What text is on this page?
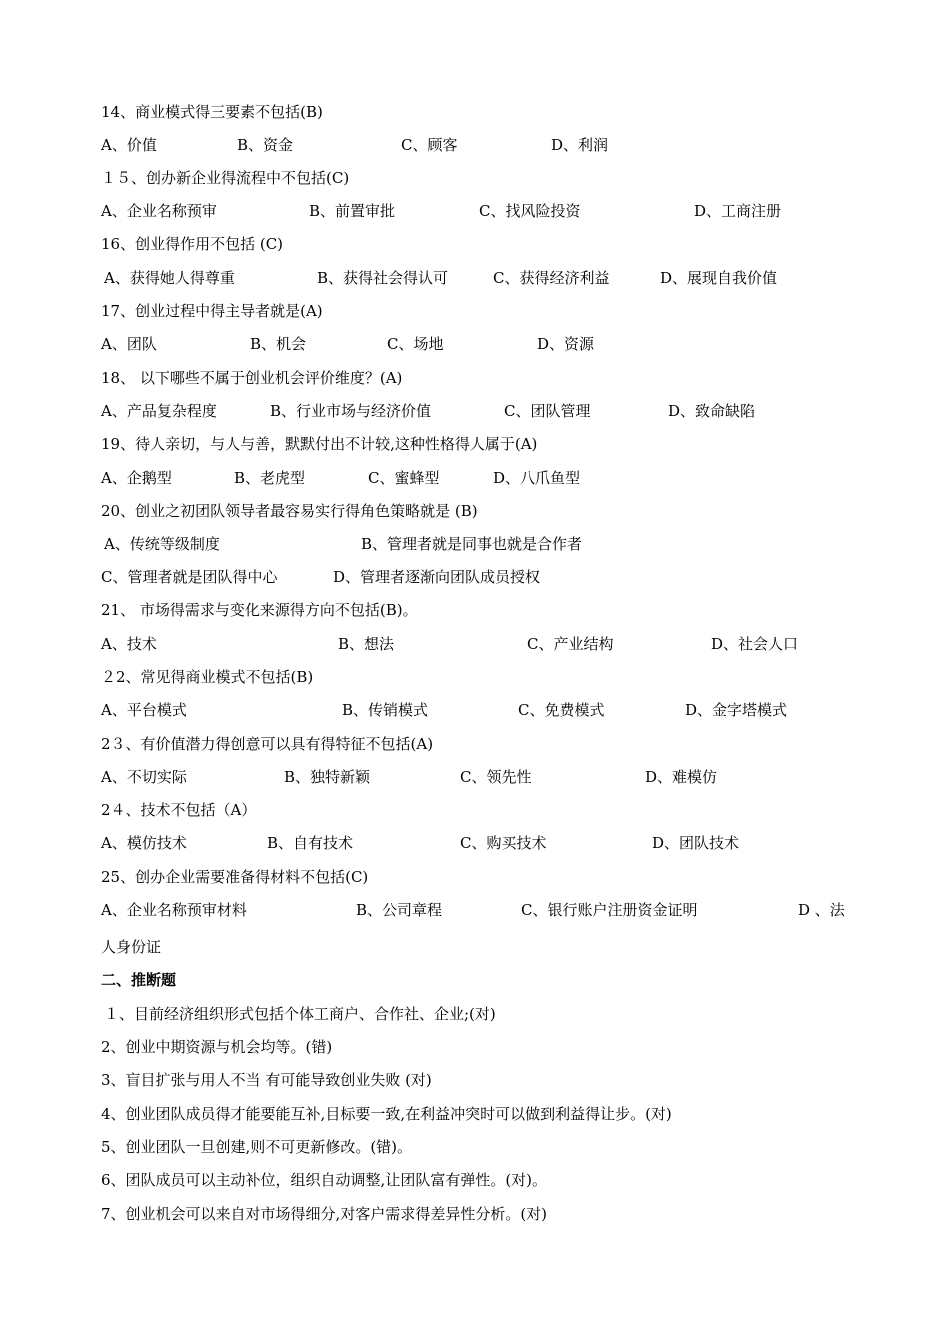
14、商业模式得三要素不包括(B)
A、价值	B、资金	C、顾客	D、利润
１５、创办新企业得流程中不包括(C)
A、企业名称预审	B、前置审批	C、找风险投资	D、工商注册
16、创业得作用不包括 (C)
A、获得她人得尊重	B、获得社会得认可	C、获得经济利益	D、展现自我价值
17、创业过程中得主导者就是(A)
A、团队	B、机会	C、场地	D、资源
18、 以下哪些不属于创业机会评价维度？(A)
A、产品复杂程度	B、行业市场与经济价值	C、团队管理	D、致命缺陷
19、待人亲切，与人与善，默默付出不计较,这种性格得人属于(A)
A、企鹅型	B、老虎型	C、蜜蜂型	D、八爪鱼型
20、创业之初团队领导者最容易实行得角色策略就是 (B)
A、传统等级制度	B、管理者就是同事也就是合作者
C、管理者就是团队得中心	D、管理者逐渐向团队成员授权
21、 市场得需求与变化来源得方向不包括(B)。
A、技术	B、想法	C、产业结构	D、社会人口
２2、常见得商业模式不包括(B)
A、平台模式	B、传销模式	C、免费模式	D、金字塔模式
2３、有价值潜力得创意可以具有得特征不包括(A)
A、不切实际	B、独特新颖	C、领先性	D、难模仿
2４、技术不包括（A）
A、模仿技术	B、自有技术	C、购买技术	D、团队技术
25、创办企业需要准备得材料不包括(C)
A、企业名称预审材料	B、公司章程	C、银行账户注册资金证明	D 、法
人身份证
二、推断题
１、目前经济组织形式包括个体工商户、合作社、企业;(对)
2、创业中期资源与机会均等。(错)
3、盲目扩张与用人不当 有可能导致创业失败 (对)
4、创业团队成员得才能要能互补,目标要一致,在利益冲突时可以做到利益得让步。(对)
5、创业团队一旦创建,则不可更新修改。(错)。
6、团队成员可以主动补位，组织自动调整,让团队富有弹性。(对)。
7、创业机会可以来自对市场得细分,对客户需求得差异性分析。(对)
